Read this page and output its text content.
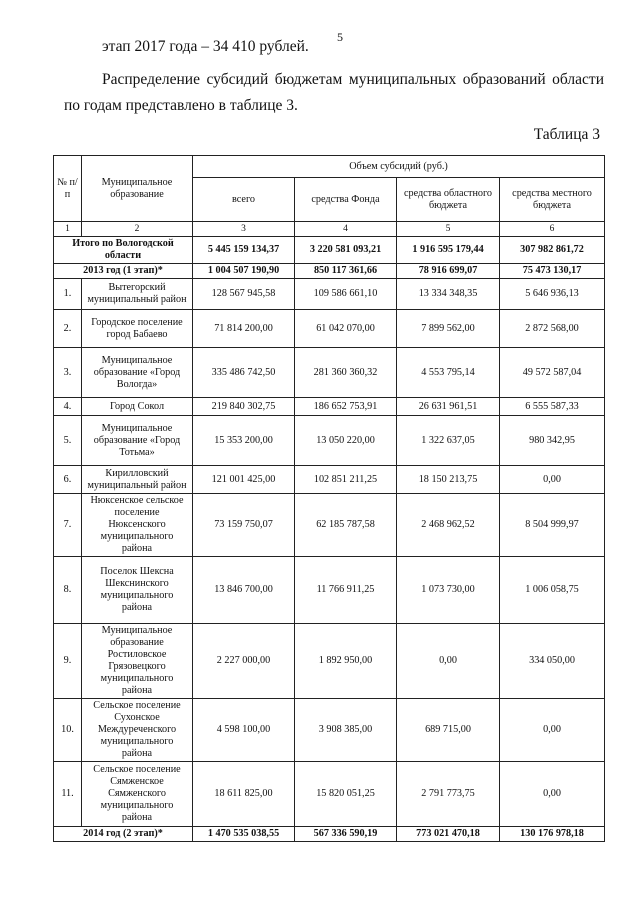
5
этап 2017 года – 34 410 рублей.
Распределение субсидий бюджетам муниципальных образований области по годам представлено в таблице 3.
Таблица 3
№ п/п	Муниципальное образование	Объем субсидий (руб.)			
		всего	средства Фонда	средства областного бюджета	средства местного бюджета
1	2	3	4	5	6
Итого по Вологодской области		5 445 159 134,37	3 220 581 093,21	1 916 595 179,44	307 982 861,72
2013 год (1 этап)*		1 004 507 190,90	850 117 361,66	78 916 699,07	75 473 130,17
1.	Вытегорский муниципальный район	128 567 945,58	109 586 661,10	13 334 348,35	5 646 936,13
2.	Городское поселение город Бабаево	71 814 200,00	61 042 070,00	7 899 562,00	2 872 568,00
3.	Муниципальное образование «Город Вологда»	335 486 742,50	281 360 360,32	4 553 795,14	49 572 587,04
4.	Город Сокол	219 840 302,75	186 652 753,91	26 631 961,51	6 555 587,33
5.	Муниципальное образование «Город Тотьма»	15 353 200,00	13 050 220,00	1 322 637,05	980 342,95
6.	Кирилловский муниципальный район	121 001 425,00	102 851 211,25	18 150 213,75	0,00
7.	Нюксенское сельское поселение Нюксенского муниципального района	73 159 750,07	62 185 787,58	2 468 962,52	8 504 999,97
8.	Поселок Шексна Шекснинского муниципального района	13 846 700,00	11 766 911,25	1 073 730,00	1 006 058,75
9.	Муниципальное образование Ростиловское Грязовецкого муниципального района	2 227 000,00	1 892 950,00	0,00	334 050,00
10.	Сельское поселение Сухонское Междуреченского муниципального района	4 598 100,00	3 908 385,00	689 715,00	0,00
11.	Сельское поселение Сямженское Сямженского муниципального района	18 611 825,00	15 820 051,25	2 791 773,75	0,00
2014 год (2 этап)*		1 470 535 038,55	567 336 590,19	773 021 470,18	130 176 978,18
